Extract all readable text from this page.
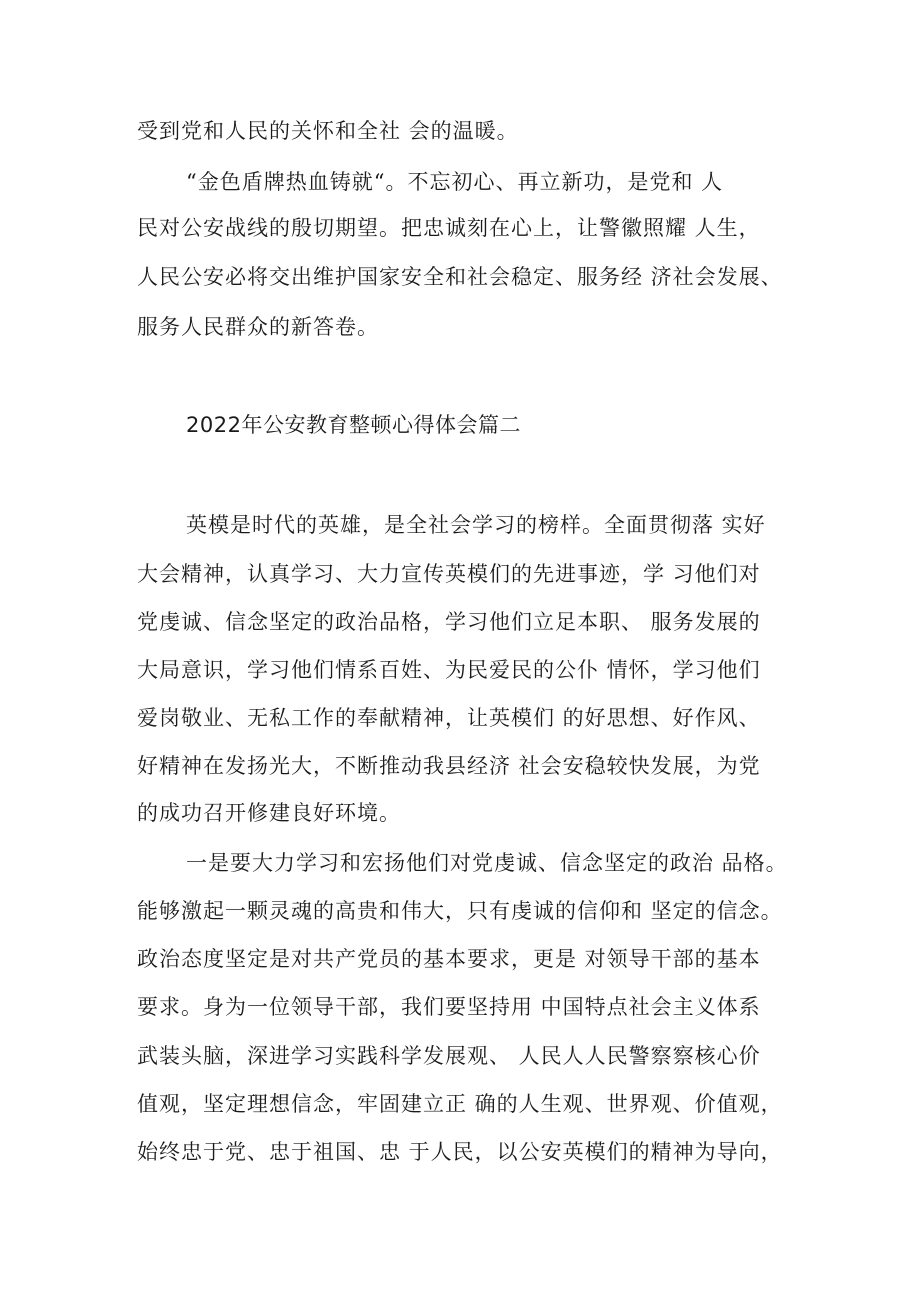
受到党和人民的关怀和全社 会的温暖。
“金色盾牌热血铸就“。不忘初心、再立新功，是党和 人
民对公安战线的殷切期望。把忠诚刻在心上，让警徽照耀 人生，
人民公安必将交出维护国家安全和社会稳定、服务经 济社会发展、
服务人民群众的新答卷。
2022年公安教育整顿心得体会篇二
英模是时代的英雄，是全社会学习的榜样。全面贯彻落 实好
大会精神，认真学习、大力宣传英模们的先进事迹，学 习他们对
党虔诚、信念坚定的政治品格，学习他们立足本职、 服务发展的
大局意识，学习他们情系百姓、为民爱民的公仆 情怀，学习他们
爱岗敬业、无私工作的奉献精神，让英模们 的好思想、好作风、
好精神在发扬光大，不断推动我县经济 社会安稳较快发展，为党
的成功召开修建良好环境。
一是要大力学习和宏扬他们对党虔诚、信念坚定的政治 品格。
能够激起一颗灵魂的高贵和伟大，只有虔诚的信仰和 坚定的信念。
政治态度坚定是对共产党员的基本要求，更是 对领导干部的基本
要求。身为一位领导干部，我们要坚持用 中国特点社会主义体系
武装头脑，深进学习实践科学发展观、 人民人人民警察察核心价
值观，坚定理想信念，牢固建立正 确的人生观、世界观、价值观，
始终忠于党、忠于祖国、忠 于人民，以公安英模们的精神为导向，
